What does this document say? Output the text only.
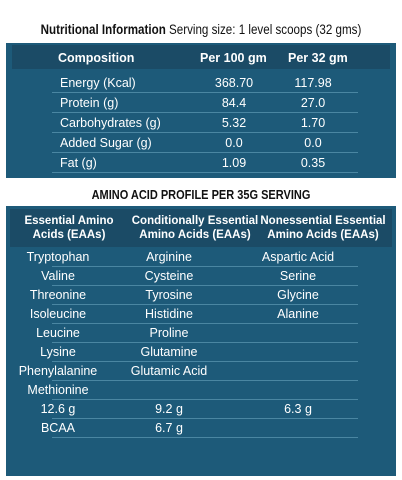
Nutritional Information Serving size: 1 level scoops (32 gms)
Composition	Per 100 gm Per 32 gm
Energy (Kcal)	368.70	117.98
Protein (g)	84.4	27.0
Carbohydrates (g)	5.32	1.70
Added Sugar (g)	0.0	0.0
Fat (g)	1.09	0.35
AMINO ACID PROFILE PER 35G SERVING
Essential Amino
Acids (EAAs)
Conditionally Essential
Amino Acids (EAAs)
Nonessential Essential
Amino Acids (EAAs)
Tryptophan	Arginine	Aspartic Acid
Valine	Cysteine	Serine
Threonine	Tyrosine	Glycine
Isoleucine	Histidine	Alanine
Leucine	Proline
Lysine	Glutamine
Phenylalanine	Glutamic Acid
Methionine
12.6 g	9.2 g	6.3 g
BCAA	6.7 g
